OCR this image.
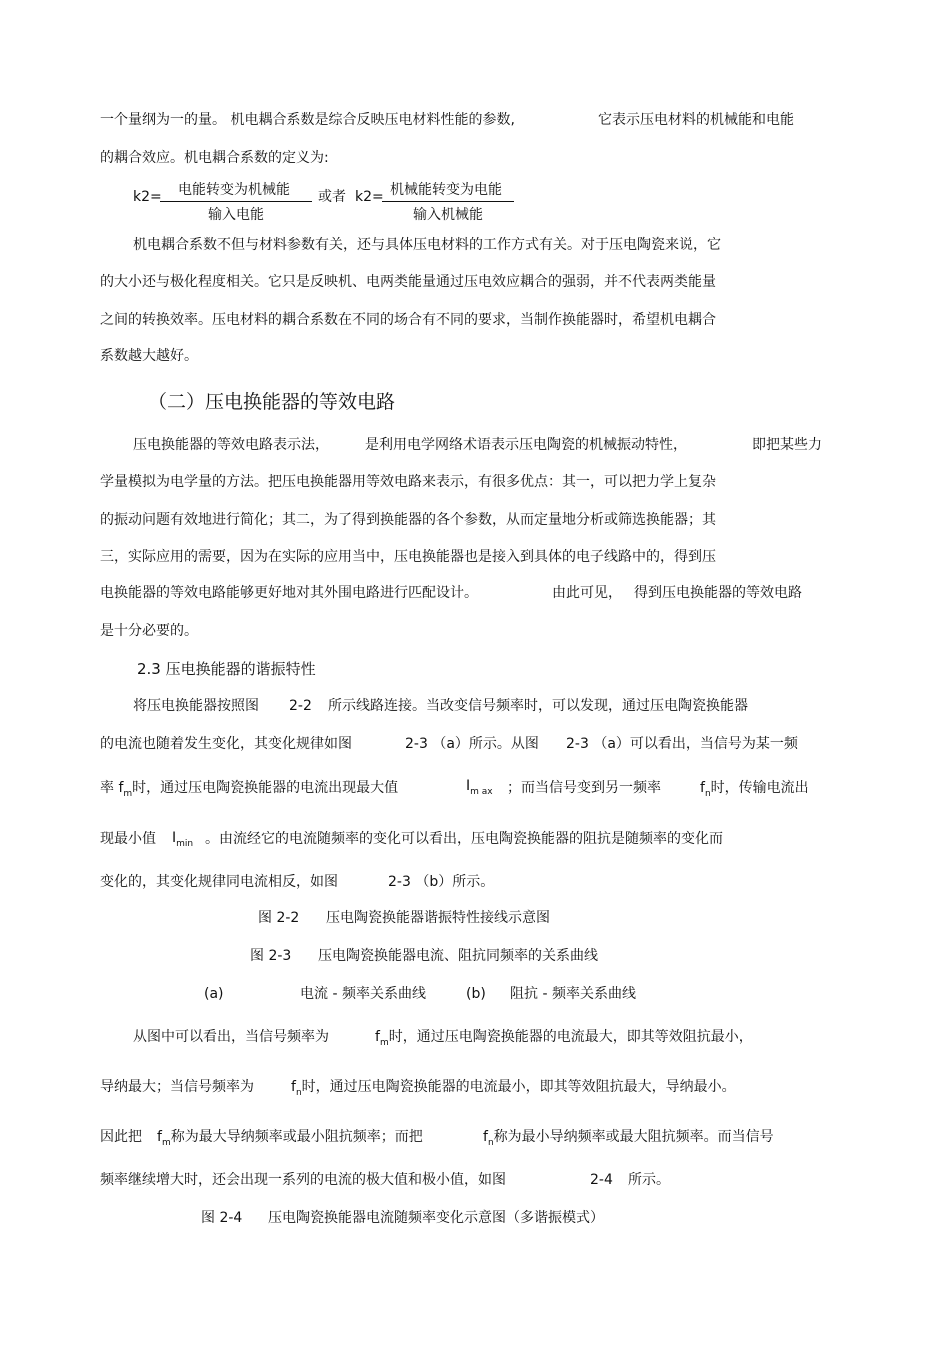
一个量纲为一的量。 机电耦合系数是综合反映压电材料性能的参数,	它表示压电材料的机械能和电能
的耦合效应。机电耦合系数的定义为:
k2=	电能转变为机械能
输入电能
或者 k2= 机械能转变为电能
输入机械能
机电耦合系数不但与材料参数有关，还与具体压电材料的工作方式有关。对于压电陶瓷来说，它
的大小还与极化程度相关。它只是反映机、电两类能量通过压电效应耦合的强弱，并不代表两类能量
之间的转换效率。压电材料的耦合系数在不同的场合有不同的要求，当制作换能器时，希望机电耦合
系数越大越好。
（二）压电换能器的等效电路
压电换能器的等效电路表示法，	是利用电学网络术语表示压电陶瓷的机械振动特性，	即把某些力
学量模拟为电学量的方法。把压电换能器用等效电路来表示，有很多优点：其一，可以把力学上复杂
的振动问题有效地进行简化；其二，为了得到换能器的各个参数，从而定量地分析或筛选换能器；其
三，实际应用的需要，因为在实际的应用当中，压电换能器也是接入到具体的电子线路中的，得到压
电换能器的等效电路能够更好地对其外围电路进行匹配设计。	由此可见， 得到压电换能器的等效电路
是十分必要的。
2.3 压电换能器的谐振特性
将压电换能器按照图 2-2 所示线路连接。当改变信号频率时，可以发现，通过压电陶瓷换能器
的电流也随着发生变化，其变化规律如图	2-3 （a）所示。从图 2-3 （a）可以看出，当信号为某一频
率 $f_m$时，通过压电陶瓷换能器的电流出现最大值	$I_{m ax}$ ；而当信号变到另一频率	$f_n$时，传输电流出
现最小值 $I_{min}$ 。由流经它的电流随频率的变化可以看出，压电陶瓷换能器的阻抗是随频率的变化而
变化的，其变化规律同电流相反，如图	2-3 （b）所示。
图 2-2 压电陶瓷换能器谐振特性接线示意图
图 2-3 压电陶瓷换能器电流、阻抗同频率的关系曲线
(a)	电流 - 频率关系曲线	(b) 阻抗 - 频率关系曲线
从图中可以看出，当信号频率为	$f_m$时，通过压电陶瓷换能器的电流最大，即其等效阻抗最小，
导纳最大；当信号频率为	$f_n$时，通过压电陶瓷换能器的电流最小，即其等效阻抗最大，导纳最小。
因此把 $f_m$称为最大导纳频率或最小阻抗频率；而把	$f_n$称为最小导纳频率或最大阻抗频率。而当信号
频率继续增大时，还会出现一系列的电流的极大值和极小值，如图	2-4 所示。
图 2-4 压电陶瓷换能器电流随频率变化示意图（多谐振模式）
